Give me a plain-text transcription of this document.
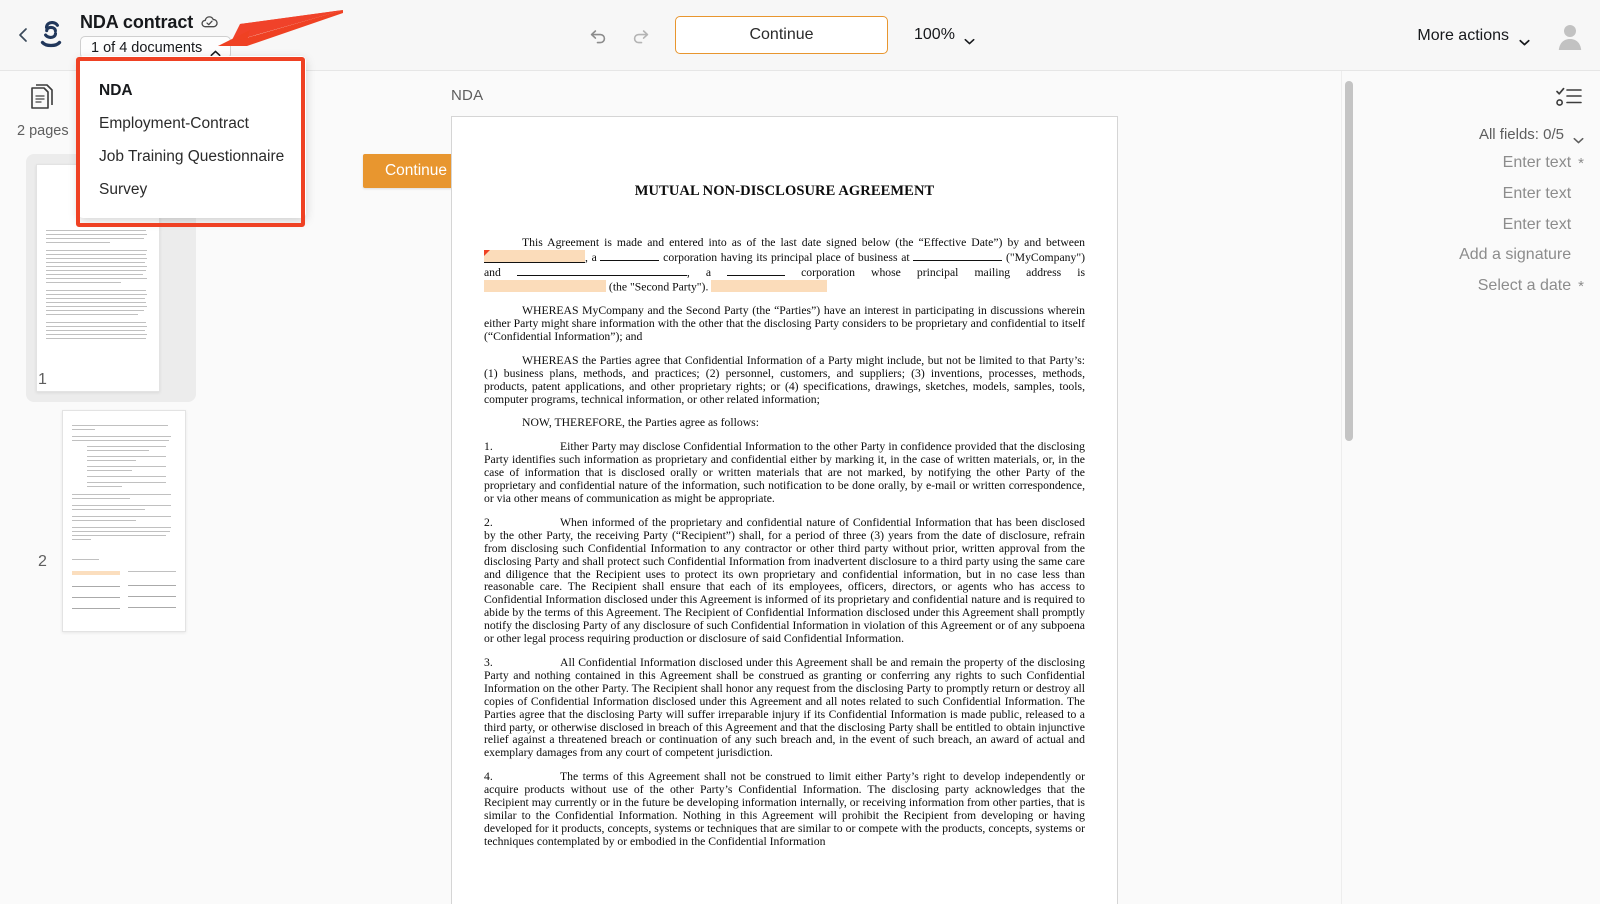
NDA contract
1 of 4 documents
Continue	100%	More actions
NDA
Employment-Contract
Job Training Questionnaire
Survey
2 pages
1
2
NDA
Continue
MUTUAL NON-DISCLOSURE AGREEMENT

This Agreement is made and entered into as of the last date signed below (the “Effective Date”) by and between
, a	corporation having its principal place of business at	("MyCompany") and	, a	corporation whose principal mailing address is  (the "Second Party").

WHEREAS MyCompany and the Second Party (the “Parties”) have an interest in participating in discussions wherein either Party might share information with the other that the disclosing Party considers to be proprietary and confidential to itself (“Confidential Information”); and

WHEREAS the Parties agree that Confidential Information of a Party might include, but not be limited to that Party’s: (1) business plans, methods, and practices; (2) personnel, customers, and suppliers; (3) inventions, processes, methods, products, patent applications, and other proprietary rights; or (4) specifications, drawings, sketches, models, samples, tools, computer programs, technical information, or other related information;

NOW, THEREFORE, the Parties agree as follows:

1.	Either Party may disclose Confidential Information to the other Party in confidence provided that the disclosing Party identifies such information as proprietary and confidential either by marking it, in the case of written materials, or, in the case of information that is disclosed orally or written materials that are not marked, by notifying the other Party of the proprietary and confidential nature of the information, such notification to be done orally, by e-mail or written correspondence, or via other means of communication as might be appropriate.

2.	When informed of the proprietary and confidential nature of Confidential Information that has been disclosed by the other Party, the receiving Party (“Recipient”) shall, for a period of three (3) years from the date of disclosure, refrain from disclosing such Confidential Information to any contractor or other third party without prior, written approval from the disclosing Party and shall protect such Confidential Information from inadvertent disclosure to a third party using the same care and diligence that the Recipient uses to protect its own proprietary and confidential information, but in no case less than reasonable care. The Recipient shall ensure that each of its employees, officers, directors, or agents who has access to Confidential Information disclosed under this Agreement is informed of its proprietary and confidential nature and is required to abide by the terms of this Agreement. The Recipient of Confidential Information disclosed under this Agreement shall promptly notify the disclosing Party of any disclosure of such Confidential Information in violation of this Agreement or of any subpoena or other legal process requiring production or disclosure of said Confidential Information.

3.	All Confidential Information disclosed under this Agreement shall be and remain the property of the disclosing Party and nothing contained in this Agreement shall be construed as granting or conferring any rights to such Confidential Information on the other Party. The Recipient shall honor any request from the disclosing Party to promptly return or destroy all copies of Confidential Information disclosed under this Agreement and all notes related to such Confidential Information. The Parties agree that the disclosing Party will suffer irreparable injury if its Confidential Information is made public, released to a third party, or otherwise disclosed in breach of this Agreement and that the disclosing Party shall be entitled to obtain injunctive relief against a threatened breach or continuation of any such breach and, in the event of such breach, an award of actual and exemplary damages from any court of competent jurisdiction.

4.	The terms of this Agreement shall not be construed to limit either Party’s right to develop independently or acquire products without use of the other Party’s Confidential Information. The disclosing party acknowledges that the Recipient may currently or in the future be developing information internally, or receiving information from other parties, that is similar to the Confidential Information. Nothing in this Agreement will prohibit the Recipient from developing or having developed for it products, concepts, systems or techniques that are similar to or compete with the products, concepts, systems or techniques contemplated by or embodied in the Confidential Information

All fields: 0/5
Enter text *
Enter text
Enter text
Add a signature
Select a date *
